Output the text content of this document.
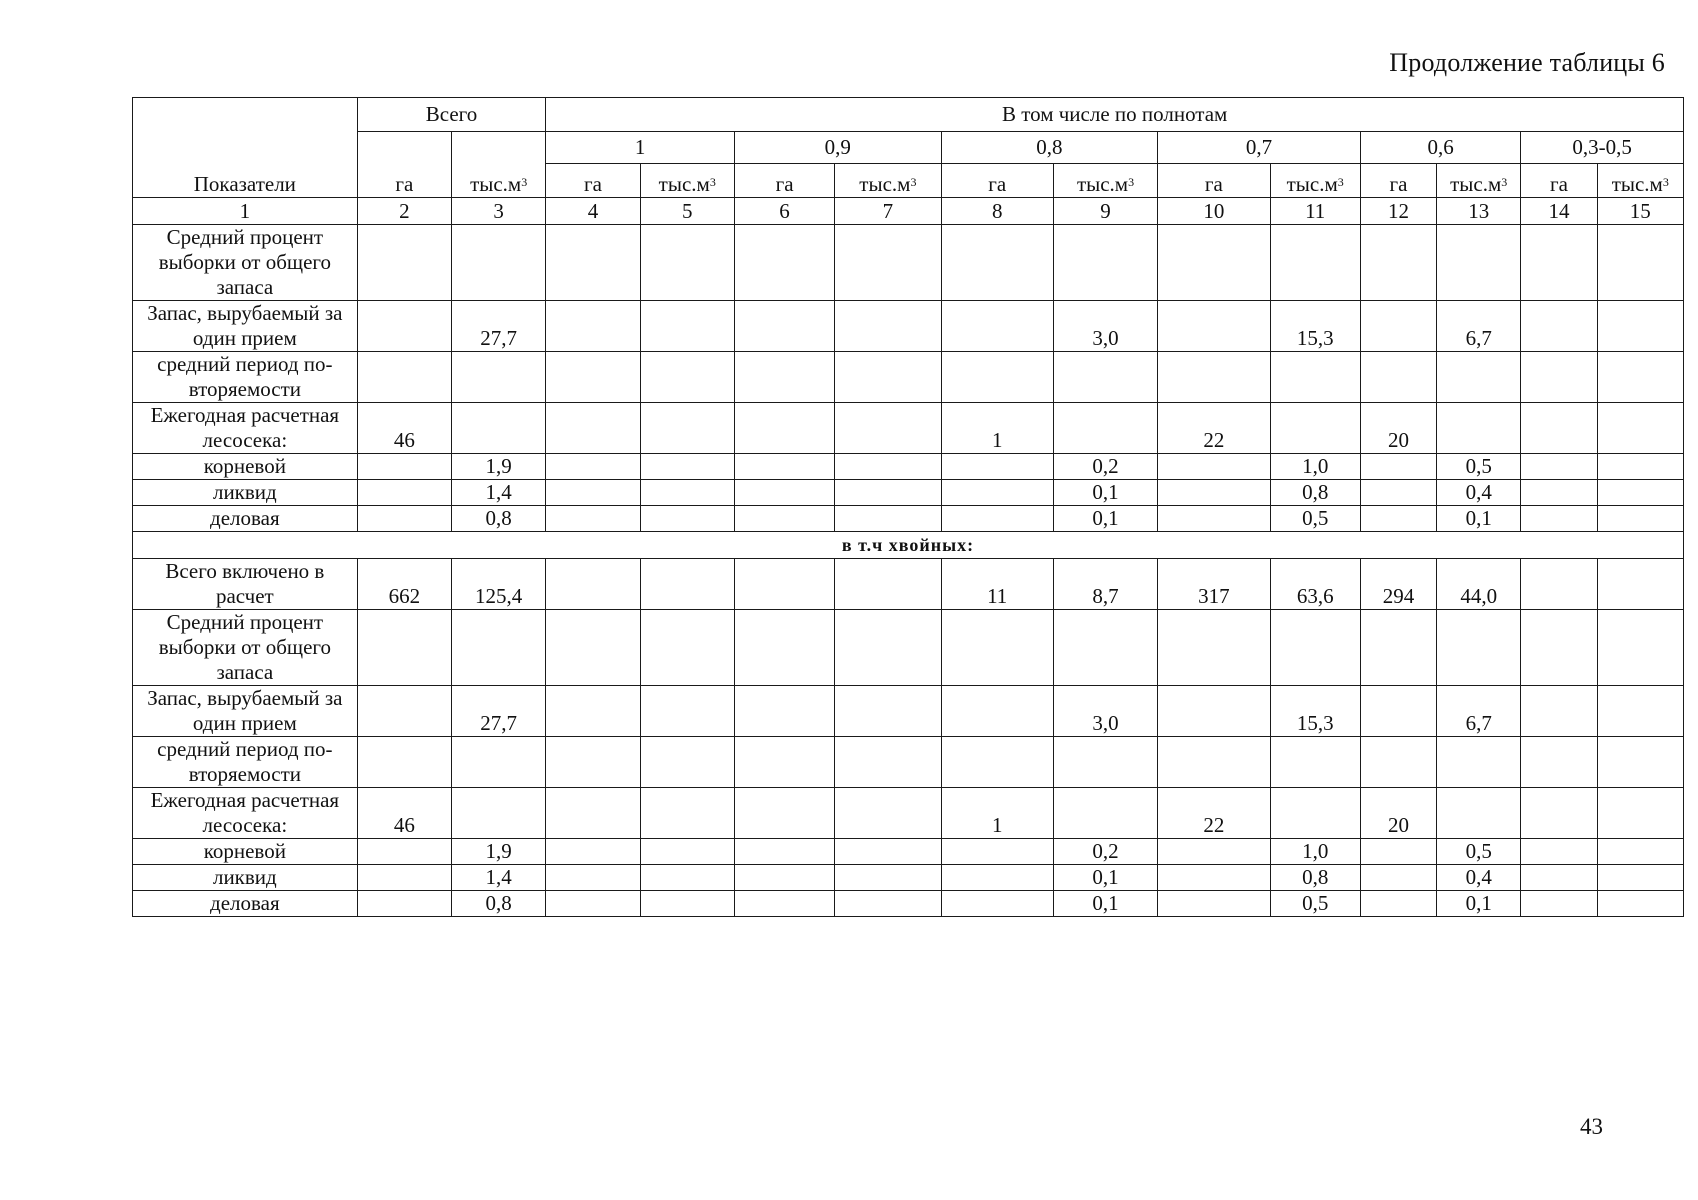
Продолжение таблицы 6
Показатели	Всего		В том числе по полнотам											
	га	$тыс.м^3$	1		0,9		0,8		0,7		0,6		0,3-0,5	
			га	$тыс.м^3$	га	$тыс.м^3$	га	$тыс.м^3$	га	$тыс.м^3$	га	$тыс.м^3$	га	$тыс.м^3$
1	2	3	4	5	6	7	8	9	10	11	12	13	14	15
Средний процент выборки от общего запаса														
Запас, вырубаемый за один прием		27,7						3,0		15,3		6,7		
средний период по-вторяемости														
Ежегодная расчетная лесосека:	46						1		22		20			
корневой		1,9						0,2		1,0		0,5		
ликвид		1,4						0,1		0,8		0,4		
деловая		0,8						0,1		0,5		0,1		
в т.ч хвойных:														
Всего включено в расчет	662	125,4					11	8,7	317	63,6	294	44,0		
Средний процент выборки от общего запаса														
Запас, вырубаемый за один прием		27,7						3,0		15,3		6,7		
средний период по-вторяемости														
Ежегодная расчетная лесосека:	46						1		22		20			
корневой		1,9						0,2		1,0		0,5		
ликвид		1,4						0,1		0,8		0,4		
деловая		0,8						0,1		0,5		0,1		
43
